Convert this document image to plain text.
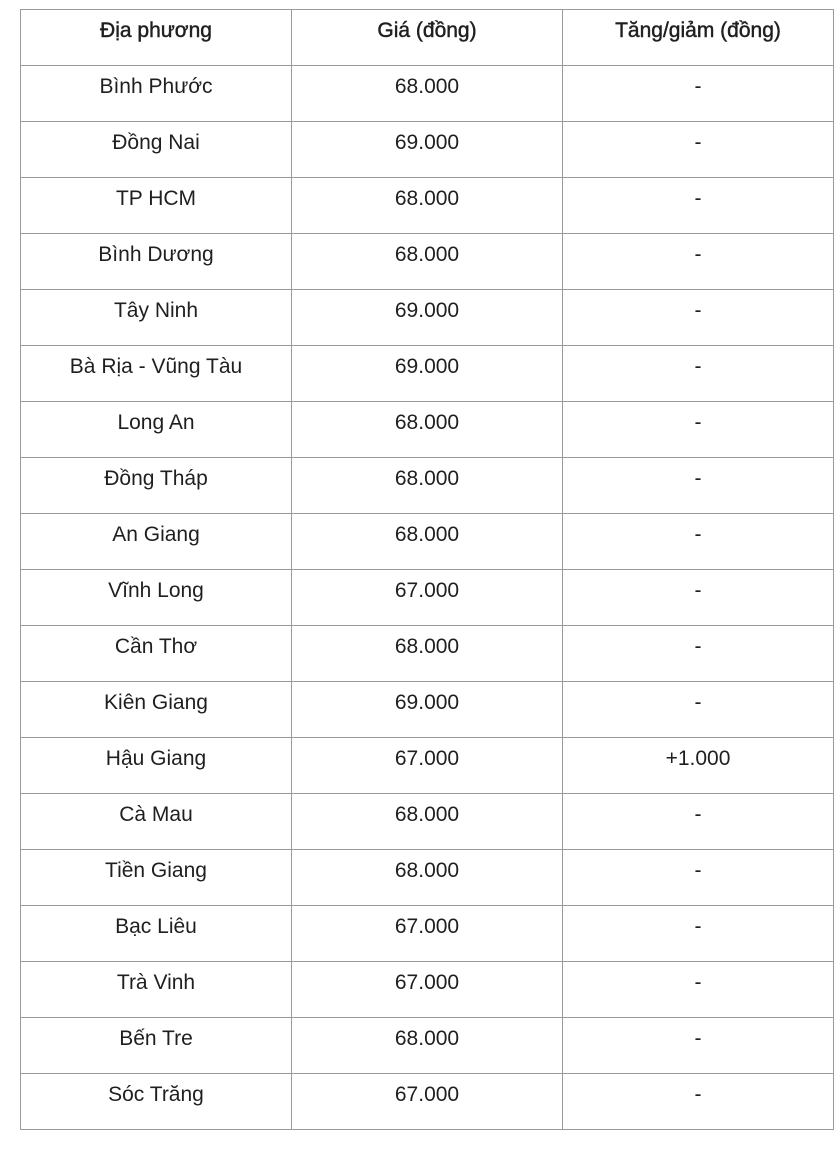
Địa phương	Giá (đồng)	Tăng/giảm (đồng)

Bình Phước	68.000	-

Đồng Nai	69.000	-

TP HCM	68.000	-

Bình Dương	68.000	-

Tây Ninh	69.000	-

Bà Rịa - Vũng Tàu	69.000	-

Long An	68.000	-

Đồng Tháp	68.000	-

An Giang	68.000	-

Vĩnh Long	67.000	-

Cần Thơ	68.000	-

Kiên Giang	69.000	-

Hậu Giang	67.000	+1.000

Cà Mau	68.000	-

Tiền Giang	68.000	-

Bạc Liêu	67.000	-

Trà Vinh	67.000	-

Bến Tre	68.000	-

Sóc Trăng	67.000	-
